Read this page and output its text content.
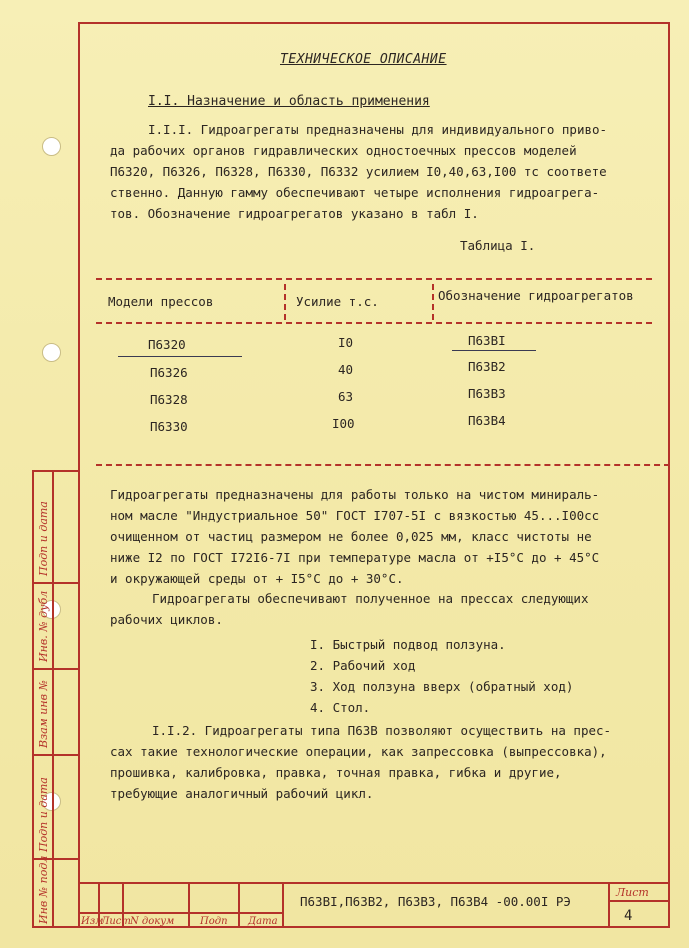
ТЕХНИЧЕСКОЕ ОПИСАНИЕ
I.I. Назначение и область применения
I.I.I. Гидроагрегаты предназначены для индивидуального приво-
да рабочих органов гидравлических одностоечных прессов моделей
П6320, П6326, П6328, П6330, П6332 усилием I0,40,63,I00 тс соответе
ственно. Данную гамму обеспечивают четыре исполнения гидроагрега-
тов. Обозначение гидроагрегатов указано в табл I.
Таблица I.
Модели прессов	Усилие т.с.	Обозначение гидроагрегатов
П6320	I0	П63ВI
П6326	40	П63В2
П6328	63	П63В3
П6330	I00	П63В4
Гидроагрегаты предназначены для работы только на чистом минираль-
ном масле "Индустриальное 50" ГОСТ I707-5I с вязкостью 45...I00сс
очищенном от частиц размером не более 0,025 мм, класс чистоты не
ниже I2 по ГОСТ I72I6-7I при температуре масла от +I5°C до + 45°C
и окружающей среды от + I5°C до + 30°C.
Гидроагрегаты обеспечивают полученное на прессах следующих
рабочих циклов.
I. Быстрый подвод ползуна.
2. Рабочий ход
3. Ход ползуна вверх (обратный ход)
4. Стол.
I.I.2. Гидроагрегаты типа П63В позволяют осуществить на прес-
сах такие технологические операции, как запрессовка (выпрессовка),
прошивка, калибровка, правка, точная правка, гибка и другие,
требующие аналогичный рабочий цикл.
Подп и дата
Инв. № дубл
Взам инв №
Подп и дата
Инв № подл	Изм
Лист N докум	Подп Дата
П63ВI,П63В2, П63В3, П63В4 -00.00I РЭ
Лист
4
